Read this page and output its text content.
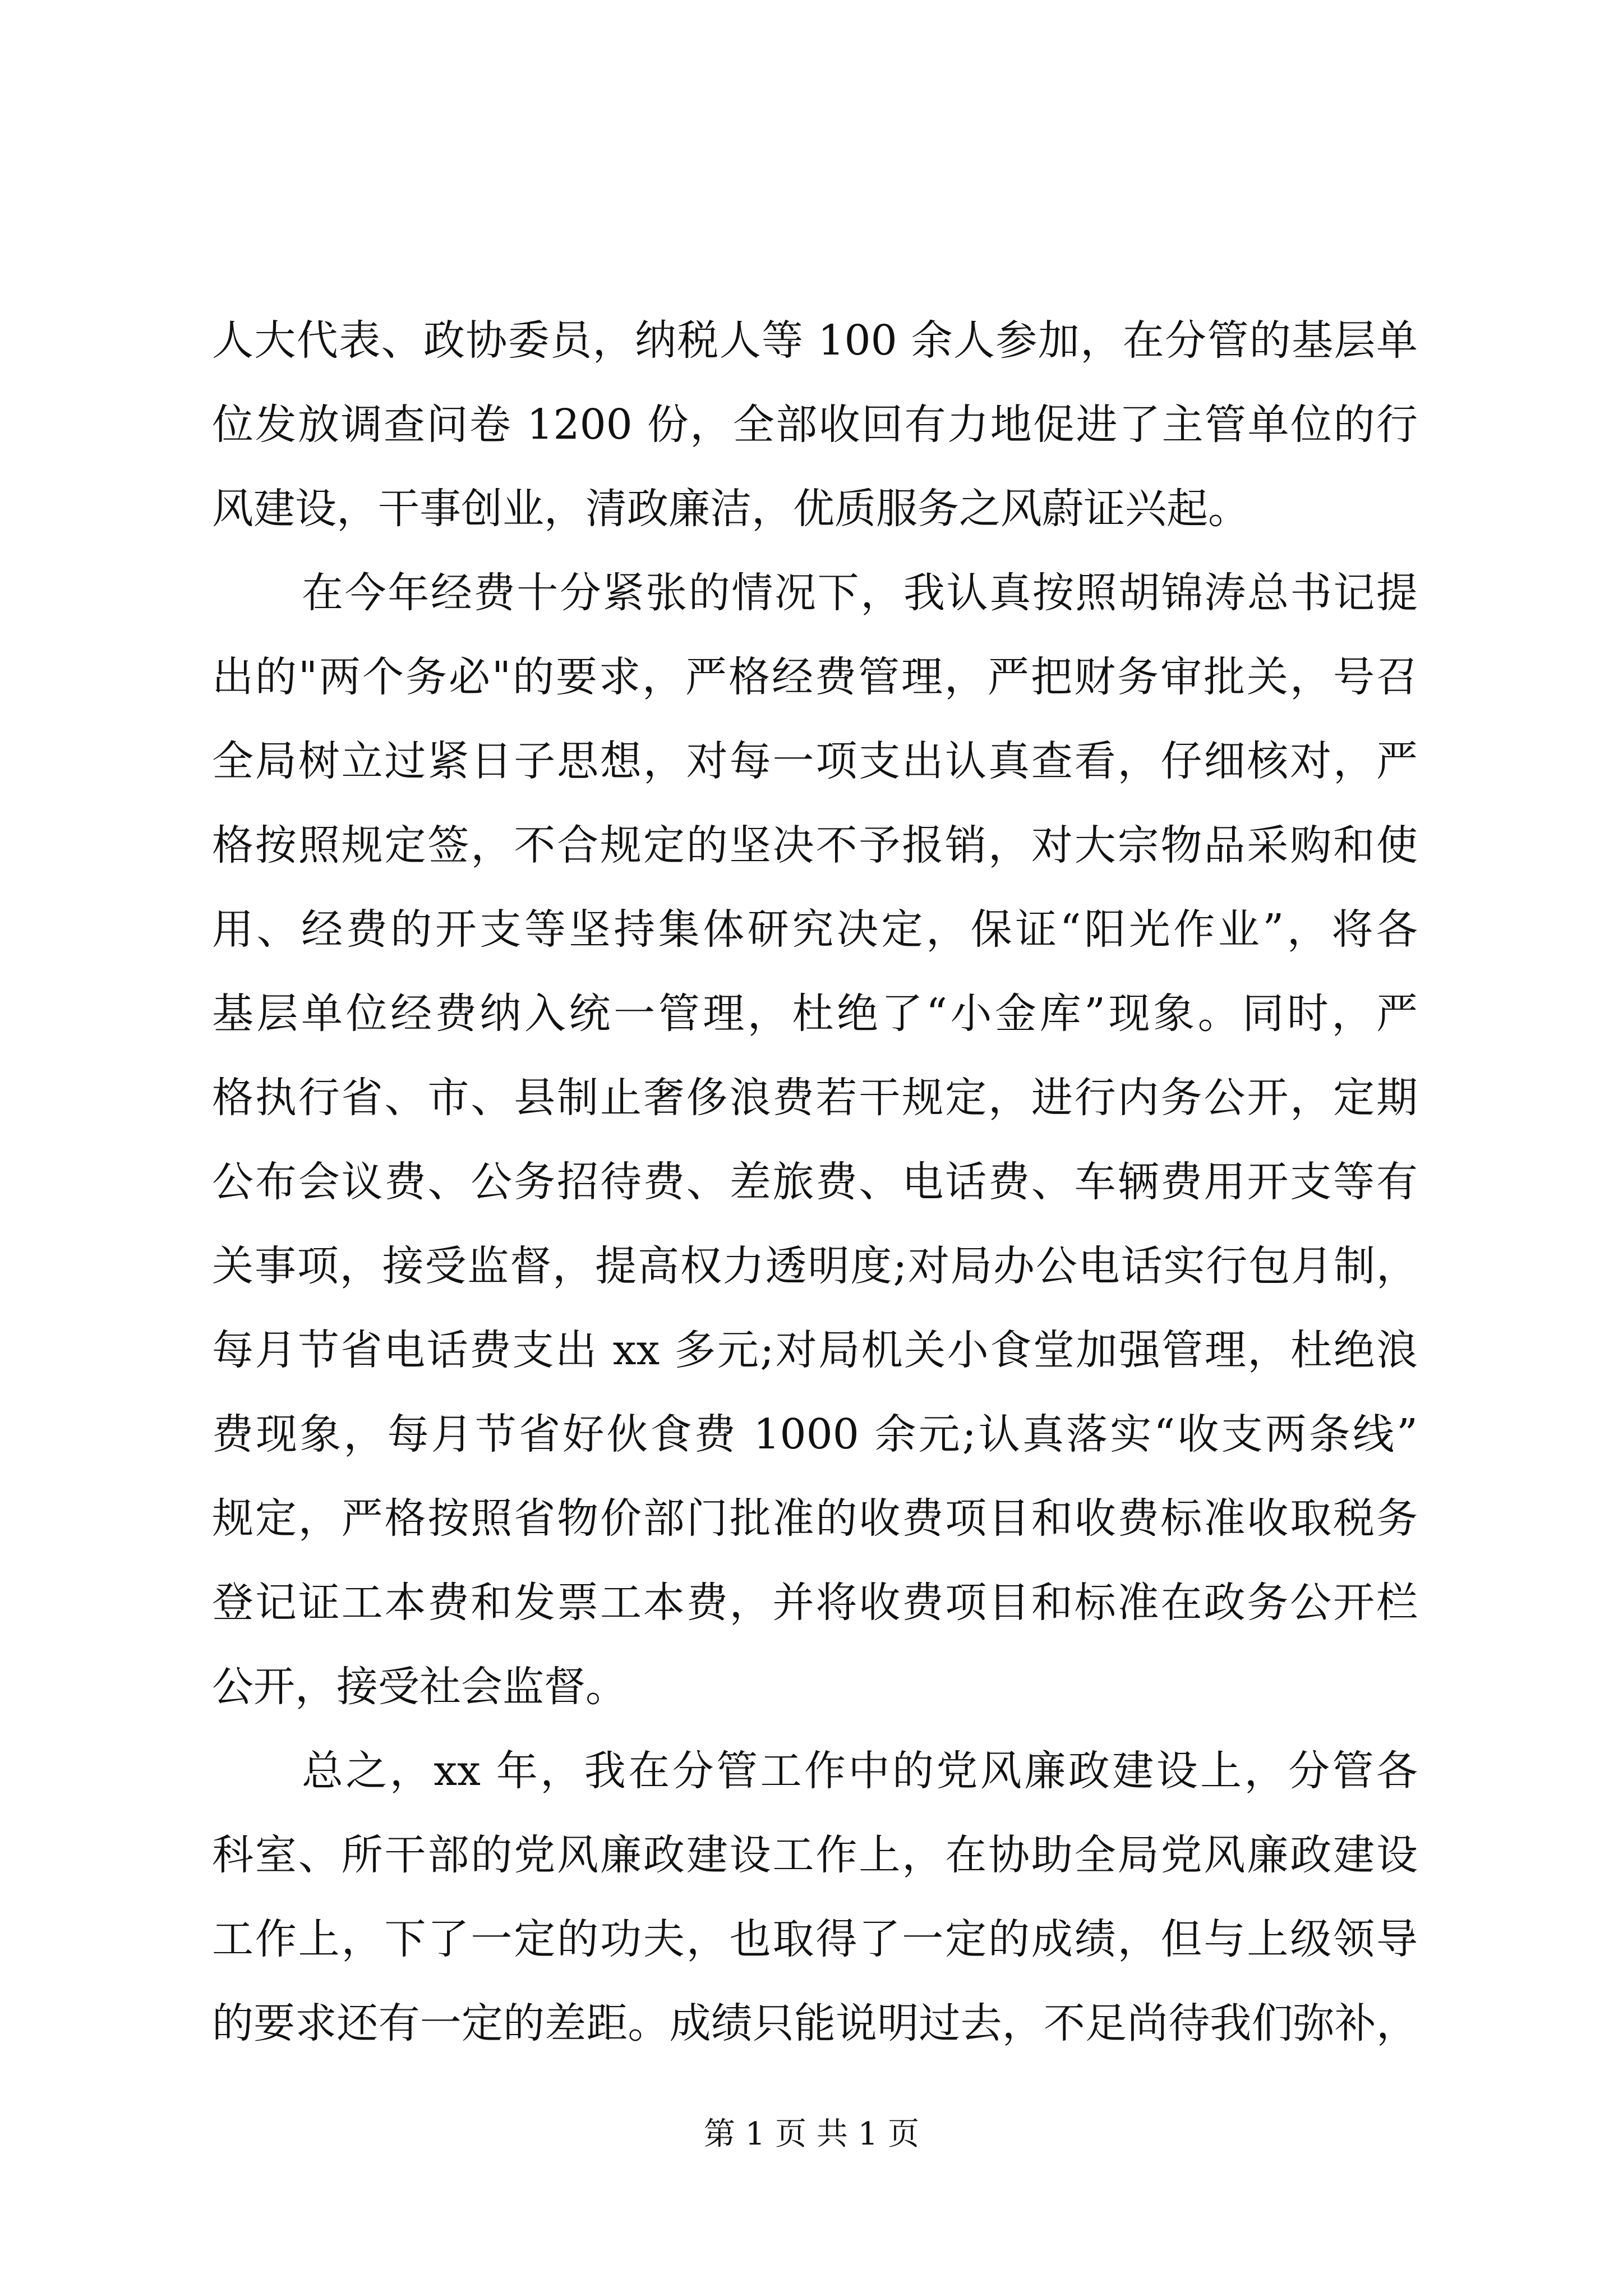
人大代表、政协委员，纳税人等 100 余人参加，在分管的基层单
位发放调查问卷 1200 份，全部收回有力地促进了主管单位的行
风建设，干事创业，清政廉洁，优质服务之风蔚证兴起。
在今年经费十分紧张的情况下，我认真按照胡锦涛总书记提
出的"两个务必"的要求，严格经费管理，严把财务审批关，号召
全局树立过紧日子思想，对每一项支出认真查看，仔细核对，严
格按照规定签，不合规定的坚决不予报销，对大宗物品采购和使
用、经费的开支等坚持集体研究决定，保证“阳光作业”，将各
基层单位经费纳入统一管理，杜绝了“小金库”现象。同时，严
格执行省、市、县制止奢侈浪费若干规定，进行内务公开，定期
公布会议费、公务招待费、差旅费、电话费、车辆费用开支等有
关事项，接受监督，提高权力透明度;对局办公电话实行包月制，
每月节省电话费支出 xx 多元;对局机关小食堂加强管理，杜绝浪
费现象，每月节省好伙食费 1000 余元;认真落实“收支两条线”
规定，严格按照省物价部门批准的收费项目和收费标准收取税务
登记证工本费和发票工本费，并将收费项目和标准在政务公开栏
公开，接受社会监督。
总之，xx 年，我在分管工作中的党风廉政建设上，分管各
科室、所干部的党风廉政建设工作上，在协助全局党风廉政建设
工作上，下了一定的功夫，也取得了一定的成绩，但与上级领导
的要求还有一定的差距。成绩只能说明过去，不足尚待我们弥补，
第 1 页 共 1 页
